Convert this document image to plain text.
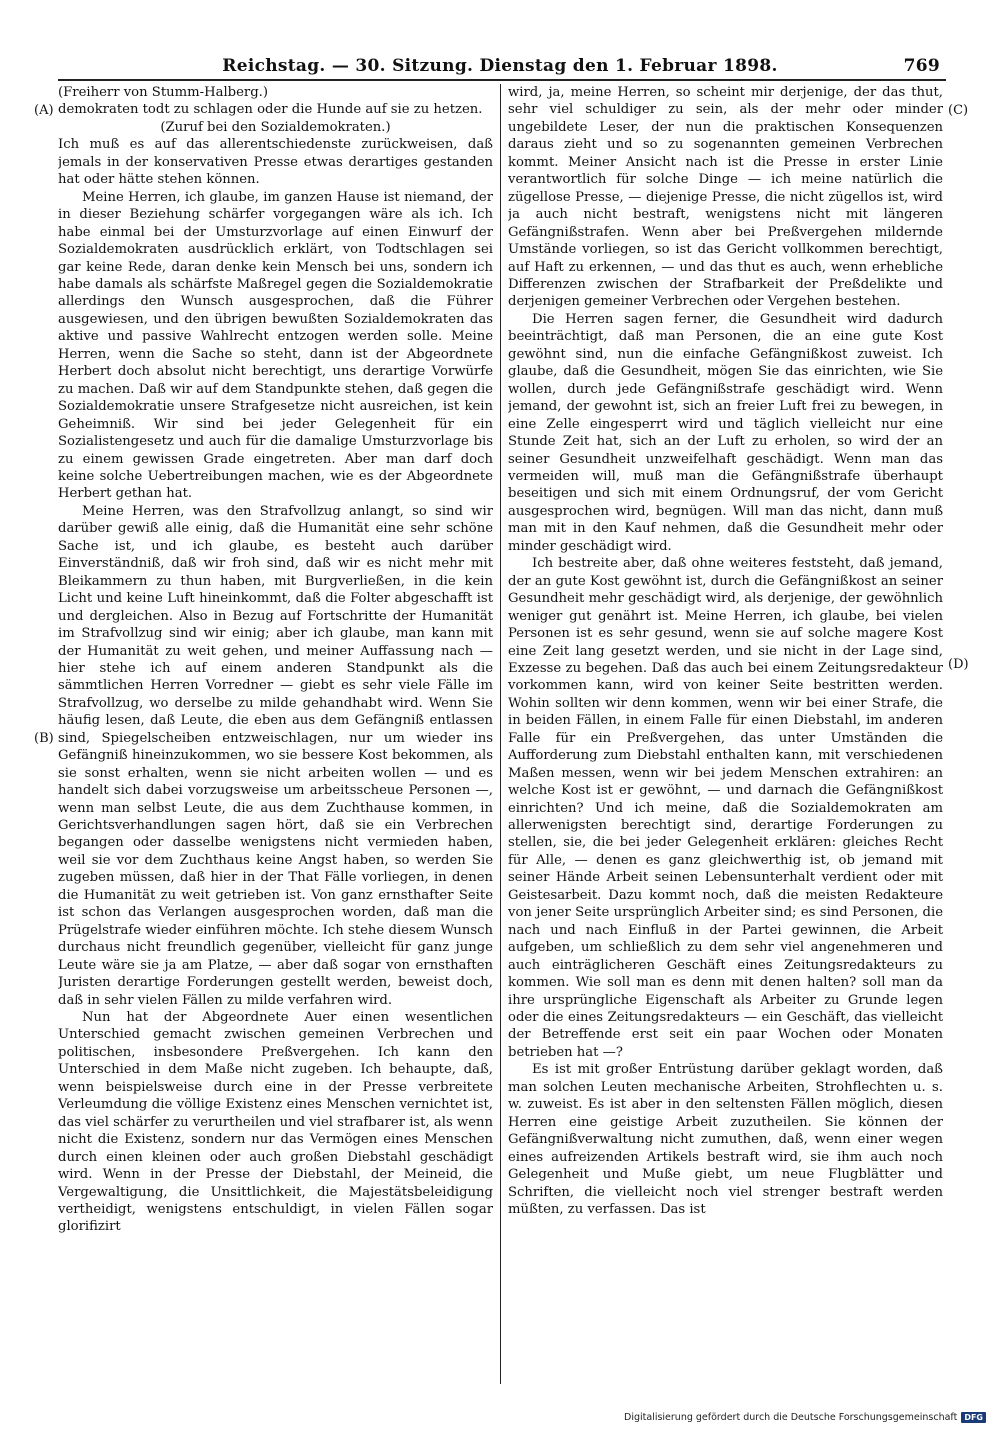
Reichstag. — 30. Sitzung. Dienstag den 1. Februar 1898.	769
(A)
(B)
(C)
(D)

(Freiherr von Stumm-Halberg.)

demokraten todt zu schlagen oder die Hunde auf sie zu hetzen.

(Zuruf bei den Sozialdemokraten.)

Ich muß es auf das allerentschiedenste zurückweisen, daß jemals in der konservativen Presse etwas derartiges gestanden hat oder hätte stehen können.

Meine Herren, ich glaube, im ganzen Hause ist niemand, der in dieser Beziehung schärfer vorgegangen wäre als ich. Ich habe einmal bei der Umsturzvorlage auf einen Einwurf der Sozialdemokraten ausdrücklich erklärt, von Todtschlagen sei gar keine Rede, daran denke kein Mensch bei uns, sondern ich habe damals als schärfste Maßregel gegen die Sozialdemokratie allerdings den Wunsch ausgesprochen, daß die Führer ausgewiesen, und den übrigen bewußten Sozialdemokraten das aktive und passive Wahlrecht entzogen werden solle. Meine Herren, wenn die Sache so steht, dann ist der Abgeordnete Herbert doch absolut nicht berechtigt, uns derartige Vorwürfe zu machen. Daß wir auf dem Standpunkte stehen, daß gegen die Sozialdemokratie unsere Strafgesetze nicht ausreichen, ist kein Geheimniß. Wir sind bei jeder Gelegenheit für ein Sozialistengesetz und auch für die damalige Umsturzvorlage bis zu einem gewissen Grade eingetreten. Aber man darf doch keine solche Uebertreibungen machen, wie es der Abgeordnete Herbert gethan hat.

Meine Herren, was den Strafvollzug anlangt, so sind wir darüber gewiß alle einig, daß die Humanität eine sehr schöne Sache ist, und ich glaube, es besteht auch darüber Einverständniß, daß wir froh sind, daß wir es nicht mehr mit Bleikammern zu thun haben, mit Burgverließen, in die kein Licht und keine Luft hineinkommt, daß die Folter abgeschafft ist und dergleichen. Also in Bezug auf Fortschritte der Humanität im Strafvollzug sind wir einig; aber ich glaube, man kann mit der Humanität zu weit gehen, und meiner Auffassung nach — hier stehe ich auf einem anderen Standpunkt als die sämmtlichen Herren Vorredner — giebt es sehr viele Fälle im Strafvollzug, wo derselbe zu milde gehandhabt wird. Wenn Sie häufig lesen, daß Leute, die eben aus dem Gefängniß entlassen sind, Spiegelscheiben entzweischlagen, nur um wieder ins Gefängniß hineinzukommen, wo sie bessere Kost bekommen, als sie sonst erhalten, wenn sie nicht arbeiten wollen — und es handelt sich dabei vorzugsweise um arbeitsscheue Personen —, wenn man selbst Leute, die aus dem Zuchthause kommen, in Gerichtsverhandlungen sagen hört, daß sie ein Verbrechen begangen oder dasselbe wenigstens nicht vermieden haben, weil sie vor dem Zuchthaus keine Angst haben, so werden Sie zugeben müssen, daß hier in der That Fälle vorliegen, in denen die Humanität zu weit getrieben ist. Von ganz ernsthafter Seite ist schon das Verlangen ausgesprochen worden, daß man die Prügelstrafe wieder einführen möchte. Ich stehe diesem Wunsch durchaus nicht freundlich gegenüber, vielleicht für ganz junge Leute wäre sie ja am Platze, — aber daß sogar von ernsthaften Juristen derartige Forderungen gestellt werden, beweist doch, daß in sehr vielen Fällen zu milde verfahren wird.

Nun hat der Abgeordnete Auer einen wesentlichen Unterschied gemacht zwischen gemeinen Verbrechen und politischen, insbesondere Preßvergehen. Ich kann den Unterschied in dem Maße nicht zugeben. Ich behaupte, daß, wenn beispielsweise durch eine in der Presse verbreitete Verleumdung die völlige Existenz eines Menschen vernichtet ist, das viel schärfer zu verurtheilen und viel strafbarer ist, als wenn nicht die Existenz, sondern nur das Vermögen eines Menschen durch einen kleinen oder auch großen Diebstahl geschädigt wird. Wenn in der Presse der Diebstahl, der Meineid, die Vergewaltigung, die Unsittlichkeit, die Majestätsbeleidigung vertheidigt, wenigstens entschuldigt, in vielen Fällen sogar glorifizirt

wird, ja, meine Herren, so scheint mir derjenige, der das thut, sehr viel schuldiger zu sein, als der mehr oder minder ungebildete Leser, der nun die praktischen Konsequenzen daraus zieht und so zu sogenannten gemeinen Verbrechen kommt. Meiner Ansicht nach ist die Presse in erster Linie verantwortlich für solche Dinge — ich meine natürlich die zügellose Presse, — diejenige Presse, die nicht zügellos ist, wird ja auch nicht bestraft, wenigstens nicht mit längeren Gefängnißstrafen. Wenn aber bei Preßvergehen mildernde Umstände vorliegen, so ist das Gericht vollkommen berechtigt, auf Haft zu erkennen, — und das thut es auch, wenn erhebliche Differenzen zwischen der Strafbarkeit der Preßdelikte und derjenigen gemeiner Verbrechen oder Vergehen bestehen.

Die Herren sagen ferner, die Gesundheit wird dadurch beeinträchtigt, daß man Personen, die an eine gute Kost gewöhnt sind, nun die einfache Gefängnißkost zuweist. Ich glaube, daß die Gesundheit, mögen Sie das einrichten, wie Sie wollen, durch jede Gefängnißstrafe geschädigt wird. Wenn jemand, der gewohnt ist, sich an freier Luft frei zu bewegen, in eine Zelle eingesperrt wird und täglich vielleicht nur eine Stunde Zeit hat, sich an der Luft zu erholen, so wird der an seiner Gesundheit unzweifelhaft geschädigt. Wenn man das vermeiden will, muß man die Gefängnißstrafe überhaupt beseitigen und sich mit einem Ordnungsruf, der vom Gericht ausgesprochen wird, begnügen. Will man das nicht, dann muß man mit in den Kauf nehmen, daß die Gesundheit mehr oder minder geschädigt wird.

Ich bestreite aber, daß ohne weiteres feststeht, daß jemand, der an gute Kost gewöhnt ist, durch die Gefängnißkost an seiner Gesundheit mehr geschädigt wird, als derjenige, der gewöhnlich weniger gut genährt ist. Meine Herren, ich glaube, bei vielen Personen ist es sehr gesund, wenn sie auf solche magere Kost eine Zeit lang gesetzt werden, und sie nicht in der Lage sind, Exzesse zu begehen. Daß das auch bei einem Zeitungsredakteur vorkommen kann, wird von keiner Seite bestritten werden. Wohin sollten wir denn kommen, wenn wir bei einer Strafe, die in beiden Fällen, in einem Falle für einen Diebstahl, im anderen Falle für ein Preßvergehen, das unter Umständen die Aufforderung zum Diebstahl enthalten kann, mit verschiedenen Maßen messen, wenn wir bei jedem Menschen extrahiren: an welche Kost ist er gewöhnt, — und darnach die Gefängnißkost einrichten? Und ich meine, daß die Sozialdemokraten am allerwenigsten berechtigt sind, derartige Forderungen zu stellen, sie, die bei jeder Gelegenheit erklären: gleiches Recht für Alle, — denen es ganz gleichwerthig ist, ob jemand mit seiner Hände Arbeit seinen Lebensunterhalt verdient oder mit Geistesarbeit. Dazu kommt noch, daß die meisten Redakteure von jener Seite ursprünglich Arbeiter sind; es sind Personen, die nach und nach Einfluß in der Partei gewinnen, die Arbeit aufgeben, um schließlich zu dem sehr viel angenehmeren und auch einträglicheren Geschäft eines Zeitungsredakteurs zu kommen. Wie soll man es denn mit denen halten? soll man da ihre ursprüngliche Eigenschaft als Arbeiter zu Grunde legen oder die eines Zeitungsredakteurs — ein Geschäft, das vielleicht der Betreffende erst seit ein paar Wochen oder Monaten betrieben hat —?

Es ist mit großer Entrüstung darüber geklagt worden, daß man solchen Leuten mechanische Arbeiten, Strohflechten u. s. w. zuweist. Es ist aber in den seltensten Fällen möglich, diesen Herren eine geistige Arbeit zuzutheilen. Sie können der Gefängnißverwaltung nicht zumuthen, daß, wenn einer wegen eines aufreizenden Artikels bestraft wird, sie ihm auch noch Gelegenheit und Muße giebt, um neue Flugblätter und Schriften, die vielleicht noch viel strenger bestraft werden müßten, zu verfassen. Das ist

Digitalisierung gefördert durch die Deutsche Forschungsgemeinschaft DFG
